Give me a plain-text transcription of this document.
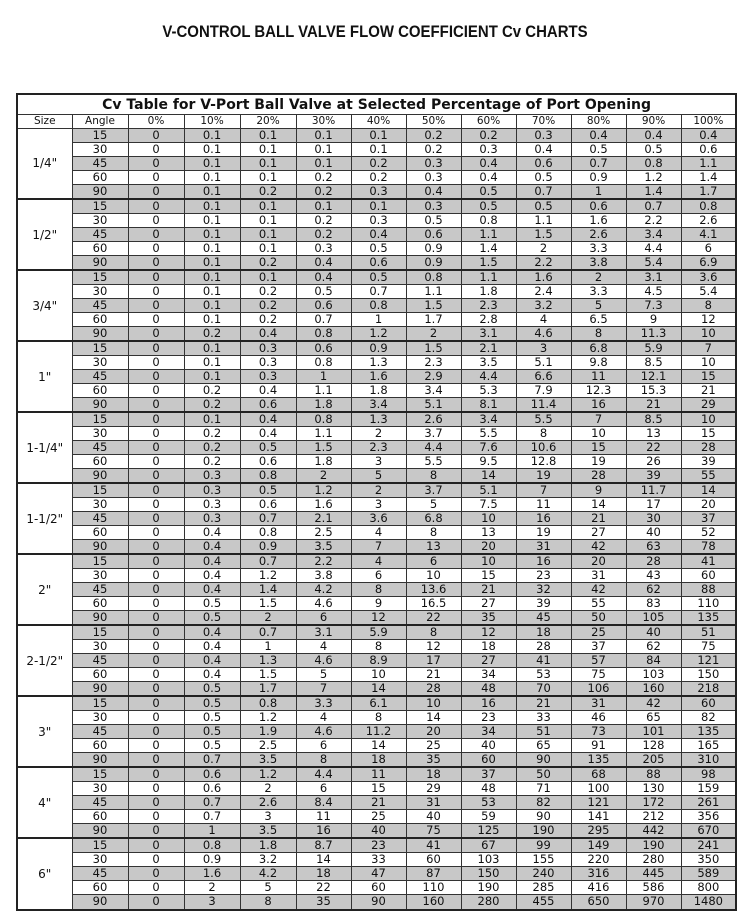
V-CONTROL BALL VALVE FLOW COEFFICIENT Cv CHARTS
Cv Table for V-Port Ball Valve at Selected Percentage of Port Opening												
Size	Angle	0%	10%	20%	30%	40%	50%	60%	70%	80%	90%	100%
1/4"	15	0	0.1	0.1	0.1	0.1	0.2	0.2	0.3	0.4	0.4	0.4
	30	0	0.1	0.1	0.1	0.1	0.2	0.3	0.4	0.5	0.5	0.6
	45	0	0.1	0.1	0.1	0.2	0.3	0.4	0.6	0.7	0.8	1.1
	60	0	0.1	0.1	0.2	0.2	0.3	0.4	0.5	0.9	1.2	1.4
	90	0	0.1	0.2	0.2	0.3	0.4	0.5	0.7	1	1.4	1.7
1/2"	15	0	0.1	0.1	0.1	0.1	0.3	0.5	0.5	0.6	0.7	0.8
	30	0	0.1	0.1	0.2	0.3	0.5	0.8	1.1	1.6	2.2	2.6
	45	0	0.1	0.1	0.2	0.4	0.6	1.1	1.5	2.6	3.4	4.1
	60	0	0.1	0.1	0.3	0.5	0.9	1.4	2	3.3	4.4	6
	90	0	0.1	0.2	0.4	0.6	0.9	1.5	2.2	3.8	5.4	6.9
3/4"	15	0	0.1	0.1	0.4	0.5	0.8	1.1	1.6	2	3.1	3.6
	30	0	0.1	0.2	0.5	0.7	1.1	1.8	2.4	3.3	4.5	5.4
	45	0	0.1	0.2	0.6	0.8	1.5	2.3	3.2	5	7.3	8
	60	0	0.1	0.2	0.7	1	1.7	2.8	4	6.5	9	12
	90	0	0.2	0.4	0.8	1.2	2	3.1	4.6	8	11.3	10
1"	15	0	0.1	0.3	0.6	0.9	1.5	2.1	3	6.8	5.9	7
	30	0	0.1	0.3	0.8	1.3	2.3	3.5	5.1	9.8	8.5	10
	45	0	0.1	0.3	1	1.6	2.9	4.4	6.6	11	12.1	15
	60	0	0.2	0.4	1.1	1.8	3.4	5.3	7.9	12.3	15.3	21
	90	0	0.2	0.6	1.8	3.4	5.1	8.1	11.4	16	21	29
1-1/4"	15	0	0.1	0.4	0.8	1.3	2.6	3.4	5.5	7	8.5	10
	30	0	0.2	0.4	1.1	2	3.7	5.5	8	10	13	15
	45	0	0.2	0.5	1.5	2.3	4.4	7.6	10.6	15	22	28
	60	0	0.2	0.6	1.8	3	5.5	9.5	12.8	19	26	39
	90	0	0.3	0.8	2	5	8	14	19	28	39	55
1-1/2"	15	0	0.3	0.5	1.2	2	3.7	5.1	7	9	11.7	14
	30	0	0.3	0.6	1.6	3	5	7.5	11	14	17	20
	45	0	0.3	0.7	2.1	3.6	6.8	10	16	21	30	37
	60	0	0.4	0.8	2.5	4	8	13	19	27	40	52
	90	0	0.4	0.9	3.5	7	13	20	31	42	63	78
2"	15	0	0.4	0.7	2.2	4	6	10	16	20	28	41
	30	0	0.4	1.2	3.8	6	10	15	23	31	43	60
	45	0	0.4	1.4	4.2	8	13.6	21	32	42	62	88
	60	0	0.5	1.5	4.6	9	16.5	27	39	55	83	110
	90	0	0.5	2	6	12	22	35	45	50	105	135
2-1/2"	15	0	0.4	0.7	3.1	5.9	8	12	18	25	40	51
	30	0	0.4	1	4	8	12	18	28	37	62	75
	45	0	0.4	1.3	4.6	8.9	17	27	41	57	84	121
	60	0	0.4	1.5	5	10	21	34	53	75	103	150
	90	0	0.5	1.7	7	14	28	48	70	106	160	218
3"	15	0	0.5	0.8	3.3	6.1	10	16	21	31	42	60
	30	0	0.5	1.2	4	8	14	23	33	46	65	82
	45	0	0.5	1.9	4.6	11.2	20	34	51	73	101	135
	60	0	0.5	2.5	6	14	25	40	65	91	128	165
	90	0	0.7	3.5	8	18	35	60	90	135	205	310
4"	15	0	0.6	1.2	4.4	11	18	37	50	68	88	98
	30	0	0.6	2	6	15	29	48	71	100	130	159
	45	0	0.7	2.6	8.4	21	31	53	82	121	172	261
	60	0	0.7	3	11	25	40	59	90	141	212	356
	90	0	1	3.5	16	40	75	125	190	295	442	670
6"	15	0	0.8	1.8	8.7	23	41	67	99	149	190	241
	30	0	0.9	3.2	14	33	60	103	155	220	280	350
	45	0	1.6	4.2	18	47	87	150	240	316	445	589
	60	0	2	5	22	60	110	190	285	416	586	800
	90	0	3	8	35	90	160	280	455	650	970	1480
